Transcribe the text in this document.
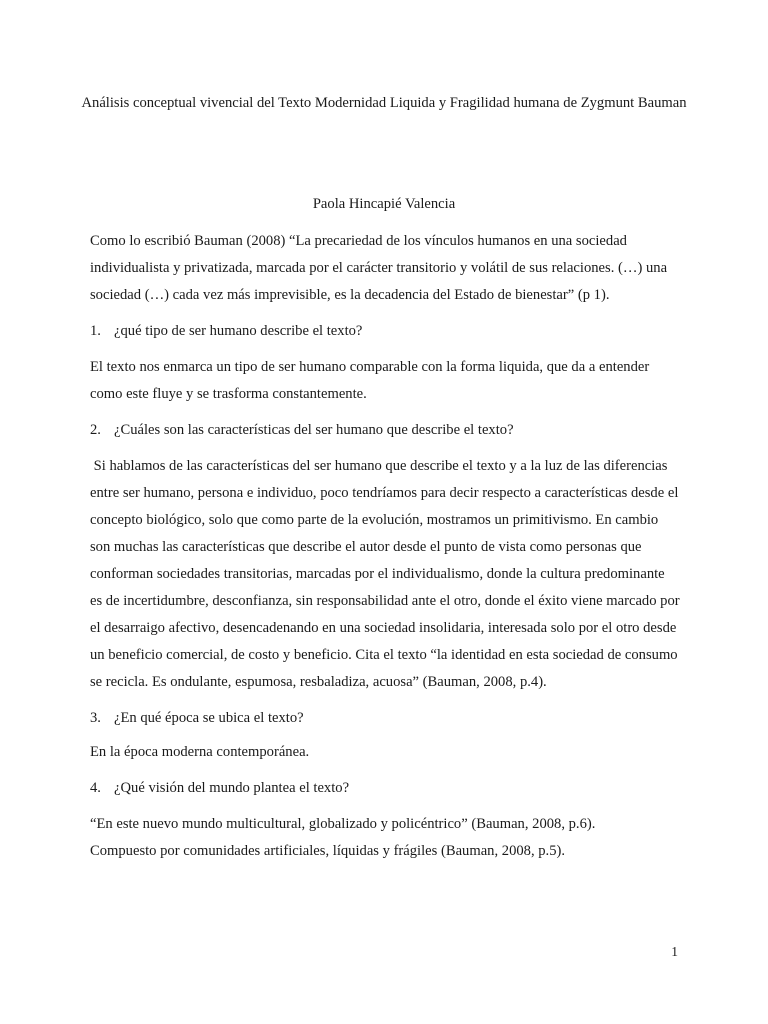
Análisis conceptual vivencial del Texto Modernidad Liquida y Fragilidad humana de Zygmunt Bauman
Paola Hincapié Valencia

Como lo escribió Bauman (2008) “La precariedad de los vínculos humanos en una sociedad individualista y privatizada, marcada por el carácter transitorio y volátil de sus relaciones. (…) una sociedad (…) cada vez más imprevisible, es la decadencia del Estado de bienestar” (p 1).

1. ¿qué tipo de ser humano describe el texto?

El texto nos enmarca un tipo de ser humano comparable con la forma liquida, que da a entender como este fluye y se trasforma constantemente.

2. ¿Cuáles son las características del ser humano que describe el texto?

Si hablamos de las características del ser humano que describe el texto y a la luz de las diferencias entre ser humano, persona e individuo, poco tendríamos para decir respecto a características desde el concepto biológico, solo que como parte de la evolución, mostramos un primitivismo. En cambio son muchas las características que describe el autor desde el punto de vista como personas que conforman sociedades transitorias, marcadas por el individualismo, donde la cultura predominante es de incertidumbre, desconfianza, sin responsabilidad ante el otro, donde el éxito viene marcado por el desarraigo afectivo, desencadenando en una sociedad insolidaria, interesada solo por el otro desde un beneficio comercial, de costo y beneficio. Cita el texto “la identidad en esta sociedad de consumo se recicla. Es ondulante, espumosa, resbaladiza, acuosa” (Bauman, 2008, p.4).

3. ¿En qué época se ubica el texto?

En la época moderna contemporánea.

4. ¿Qué visión del mundo plantea el texto?

“En este nuevo mundo multicultural, globalizado y policéntrico” (Bauman, 2008, p.6).
Compuesto por comunidades artificiales, líquidas y frágiles (Bauman, 2008, p.5).

1
